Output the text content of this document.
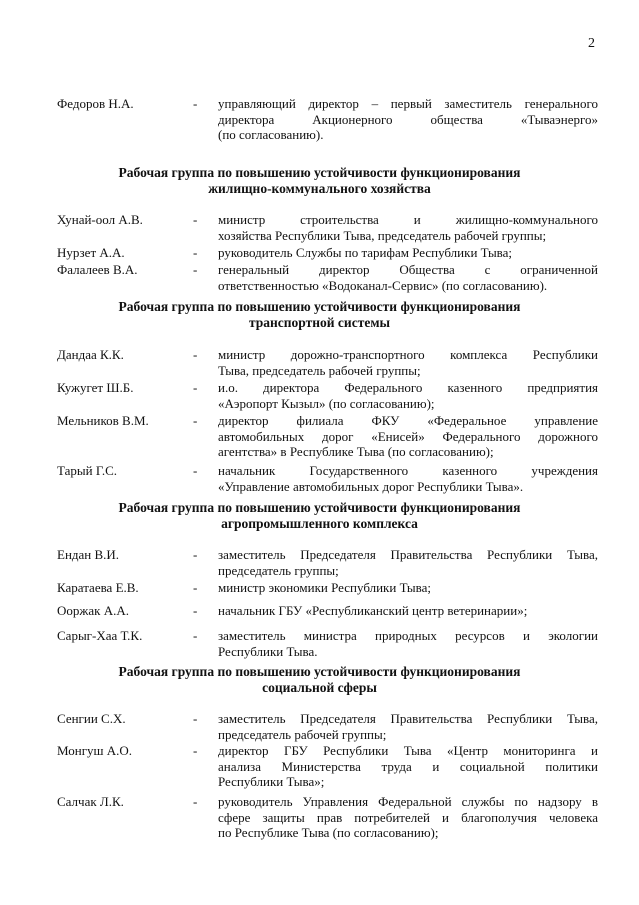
2
Федоров Н.А.	- управляющий директор – первый заместитель генерального
директора Акционерного общества «Тываэнерго»
(по согласованию).
Рабочая группа по повышению устойчивости функционирования
жилищно-коммунального хозяйства
Хунай-оол А.В.	- министр строительства и жилищно-коммунального
хозяйства Республики Тыва, председатель рабочей группы;
Нурзет А.А.	- руководитель Службы по тарифам Республики Тыва;
Фалалеев В.А.	- генеральный директор Общества с ограниченной
ответственностью «Водоканал-Сервис» (по согласованию).
Рабочая группа по повышению устойчивости функционирования
транспортной системы
Дандаа К.К.	- министр дорожно-транспортного комплекса Республики
Тыва, председатель рабочей группы;
Кужугет Ш.Б.	- и.о. директора Федерального казенного предприятия
«Аэропорт Кызыл» (по согласованию);
Мельников В.М.	- директор филиала ФКУ «Федеральное управление
автомобильных дорог «Енисей» Федерального дорожного
агентства» в Республике Тыва (по согласованию);
Тарый Г.С.	- начальник Государственного казенного учреждения
«Управление автомобильных дорог Республики Тыва».
Рабочая группа по повышению устойчивости функционирования
агропромышленного комплекса
Ендан В.И.	- заместитель Председателя Правительства Республики Тыва,
председатель группы;
Каратаева Е.В.	- министр экономики Республики Тыва;
Ооржак А.А.	- начальник ГБУ «Республиканский центр ветеринарии»;
Сарыг-Хаа Т.К.	- заместитель министра природных ресурсов и экологии
Республики Тыва.
Рабочая группа по повышению устойчивости функционирования
социальной сферы
Сенгии С.Х.	- заместитель Председателя Правительства Республики Тыва,
председатель рабочей группы;
Монгуш А.О.	- директор ГБУ Республики Тыва «Центр мониторинга и
анализа Министерства труда и социальной политики
Республики Тыва»;
Салчак Л.К.	- руководитель Управления Федеральной службы по надзору в
сфере защиты прав потребителей и благополучия человека
по Республике Тыва (по согласованию);
